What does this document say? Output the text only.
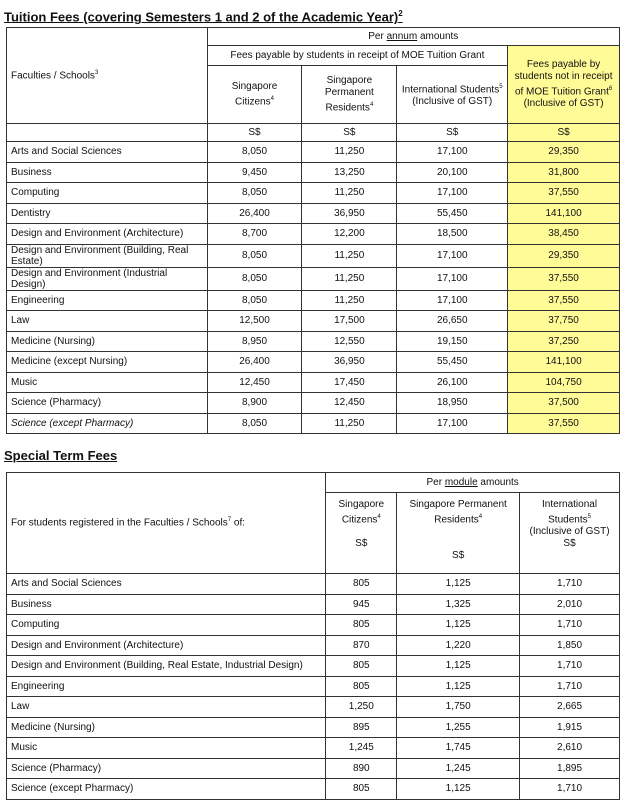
Tuition Fees (covering Semesters 1 and 2 of the Academic Year)$^2$

Faculties / Schools$^3$	Per annum amounts			
	Fees payable by students in receipt of MOE Tuition Grant			Fees payable by students not in receipt of MOE Tuition Grant$^6$
(Inclusive of GST)
	Singapore Citizens$^4$	Singapore Permanent Residents$^4$	International Students$^5$
(Inclusive of GST)	
	S$	S$	S$	S$
Arts and Social Sciences	8,050	11,250	17,100	29,350
Business	9,450	13,250	20,100	31,800
Computing	8,050	11,250	17,100	37,550
Dentistry	26,400	36,950	55,450	141,100
Design and Environment (Architecture)	8,700	12,200	18,500	38,450
Design and Environment (Building, Real Estate)	8,050	11,250	17,100	29,350
Design and Environment (Industrial Design)	8,050	11,250	17,100	37,550
Engineering	8,050	11,250	17,100	37,550
Law	12,500	17,500	26,650	37,750
Medicine (Nursing)	8,950	12,550	19,150	37,250
Medicine (except Nursing)	26,400	36,950	55,450	141,100
Music	12,450	17,450	26,100	104,750
Science (Pharmacy)	8,900	12,450	18,950	37,500
Science (except Pharmacy)	8,050	11,250	17,100	37,550

Special Term Fees

For students registered in the Faculties / Schools$^7$ of:	Per module amounts		
	Singapore Citizens$^4$

S$	Singapore Permanent Residents$^4$

S$	International Students$^5$
(Inclusive of GST)
S$
Arts and Social Sciences	805	1,125	1,710
Business	945	1,325	2,010
Computing	805	1,125	1,710
Design and Environment (Architecture)	870	1,220	1,850
Design and Environment (Building, Real Estate, Industrial Design)	805	1,125	1,710
Engineering	805	1,125	1,710
Law	1,250	1,750	2,665
Medicine (Nursing)	895	1,255	1,915
Music	1,245	1,745	2,610
Science (Pharmacy)	890	1,245	1,895
Science (except Pharmacy)	805	1,125	1,710
